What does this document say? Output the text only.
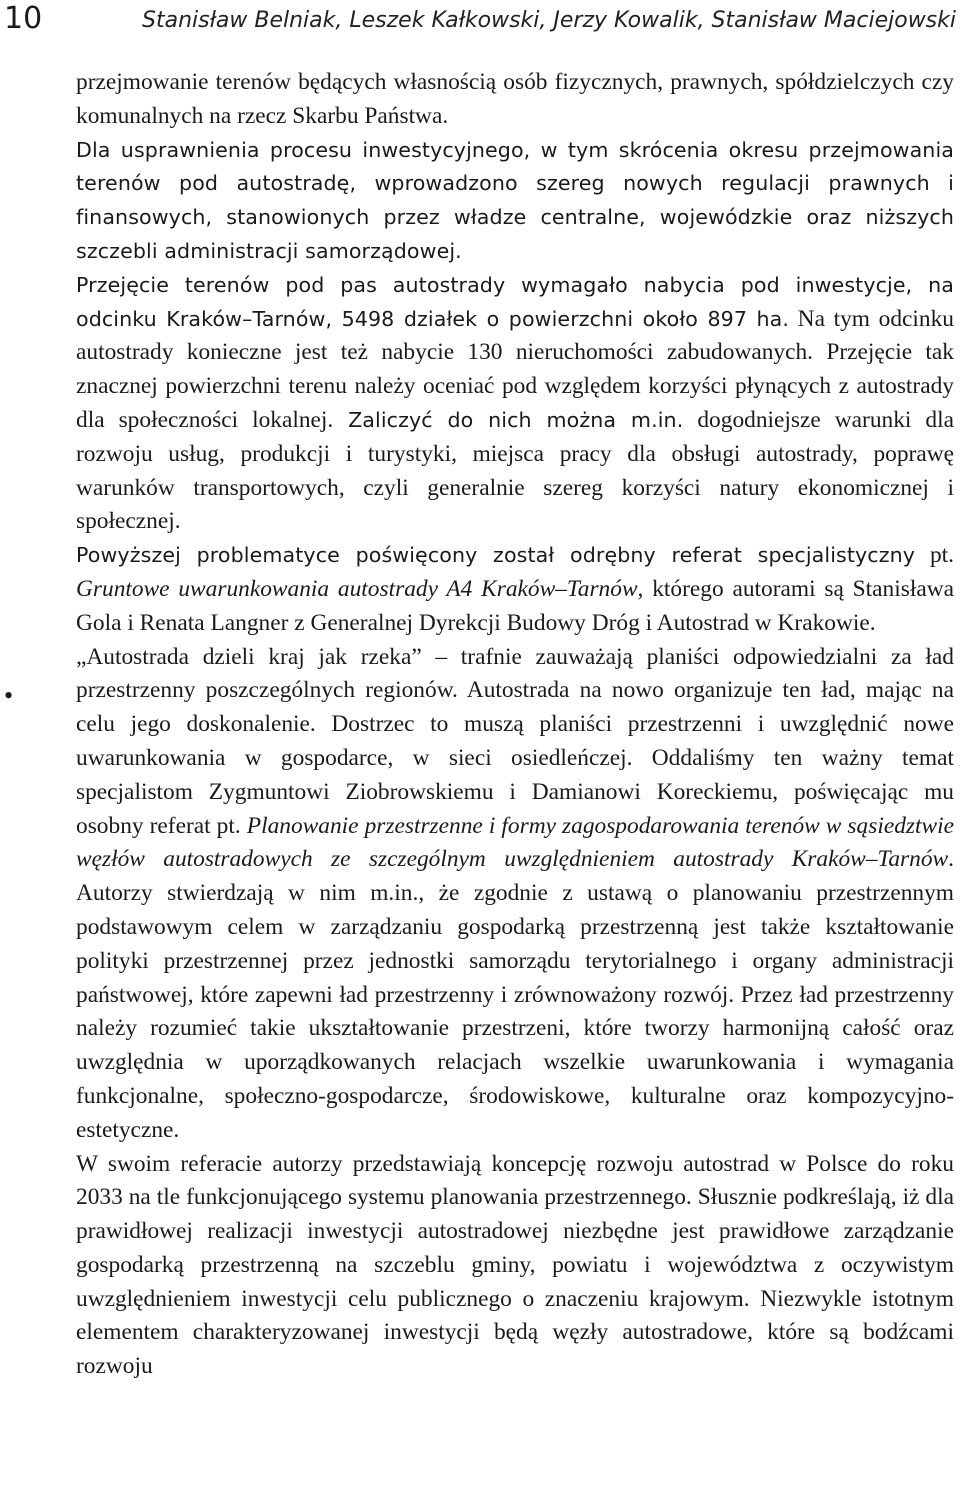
10	Stanisław Belniak, Leszek Kałkowski, Jerzy Kowalik, Stanisław Maciejowski
•

przejmowanie terenów będących własnością osób fizycznych, prawnych, spółdzielczych czy komunalnych na rzecz Skarbu Państwa.

Dla usprawnienia procesu inwestycyjnego, w tym skrócenia okresu przejmowania terenów pod autostradę, wprowadzono szereg nowych regulacji prawnych i finansowych, stanowionych przez władze centralne, wojewódzkie oraz niższych szczebli administracji samorządowej.

Przejęcie terenów pod pas autostrady wymagało nabycia pod inwestycje, na odcinku Kraków–Tarnów, 5498 działek o powierzchni około 897 ha. Na tym odcinku autostrady konieczne jest też nabycie 130 nieruchomości zabudowanych. Przejęcie tak znacznej powierzchni terenu należy oceniać pod względem korzyści płynących z autostrady dla społeczności lokalnej. Zaliczyć do nich można m.in. dogodniejsze warunki dla rozwoju usług, produkcji i turystyki, miejsca pracy dla obsługi autostrady, poprawę warunków transportowych, czyli generalnie szereg korzyści natury ekonomicznej i społecznej.

Powyższej problematyce poświęcony został odrębny referat specjalistyczny pt. Gruntowe uwarunkowania autostrady A4 Kraków–Tarnów, którego autorami są Stanisława Gola i Renata Langner z Generalnej Dyrekcji Budowy Dróg i Autostrad w Krakowie.

„Autostrada dzieli kraj jak rzeka” – trafnie zauważają planiści odpowiedzialni za ład przestrzenny poszczególnych regionów. Autostrada na nowo organizuje ten ład, mając na celu jego doskonalenie. Dostrzec to muszą planiści przestrzenni i uwzględnić nowe uwarunkowania w gospodarce, w sieci osiedleńczej. Oddaliśmy ten ważny temat specjalistom Zygmuntowi Ziobrowskiemu i Damianowi Koreckiemu, poświęcając mu osobny referat pt. Planowanie przestrzenne i formy zagospodarowania terenów w sąsiedztwie węzłów autostradowych ze szczególnym uwzględnieniem autostrady Kraków–Tarnów. Autorzy stwierdzają w nim m.in., że zgodnie z ustawą o planowaniu przestrzennym podstawowym celem w zarządzaniu gospodarką przestrzenną jest także kształtowanie polityki przestrzennej przez jednostki samorządu terytorialnego i organy administracji państwowej, które zapewni ład przestrzenny i zrównoważony rozwój. Przez ład przestrzenny należy rozumieć takie ukształtowanie przestrzeni, które tworzy harmonijną całość oraz uwzględnia w uporządkowanych relacjach wszelkie uwarunkowania i wymagania funkcjonalne, społeczno-gospodarcze, środowiskowe, kulturalne oraz kompozycyjno-estetyczne.

W swoim referacie autorzy przedstawiają koncepcję rozwoju autostrad w Polsce do roku 2033 na tle funkcjonującego systemu planowania przestrzennego. Słusznie podkreślają, iż dla prawidłowej realizacji inwestycji autostradowej niezbędne jest prawidłowe zarządzanie gospodarką przestrzenną na szczeblu gminy, powiatu i województwa z oczywistym uwzględnieniem inwestycji celu publicznego o znaczeniu krajowym. Niezwykle istotnym elementem charakteryzowanej inwestycji będą węzły autostradowe, które są bodźcami rozwoju
